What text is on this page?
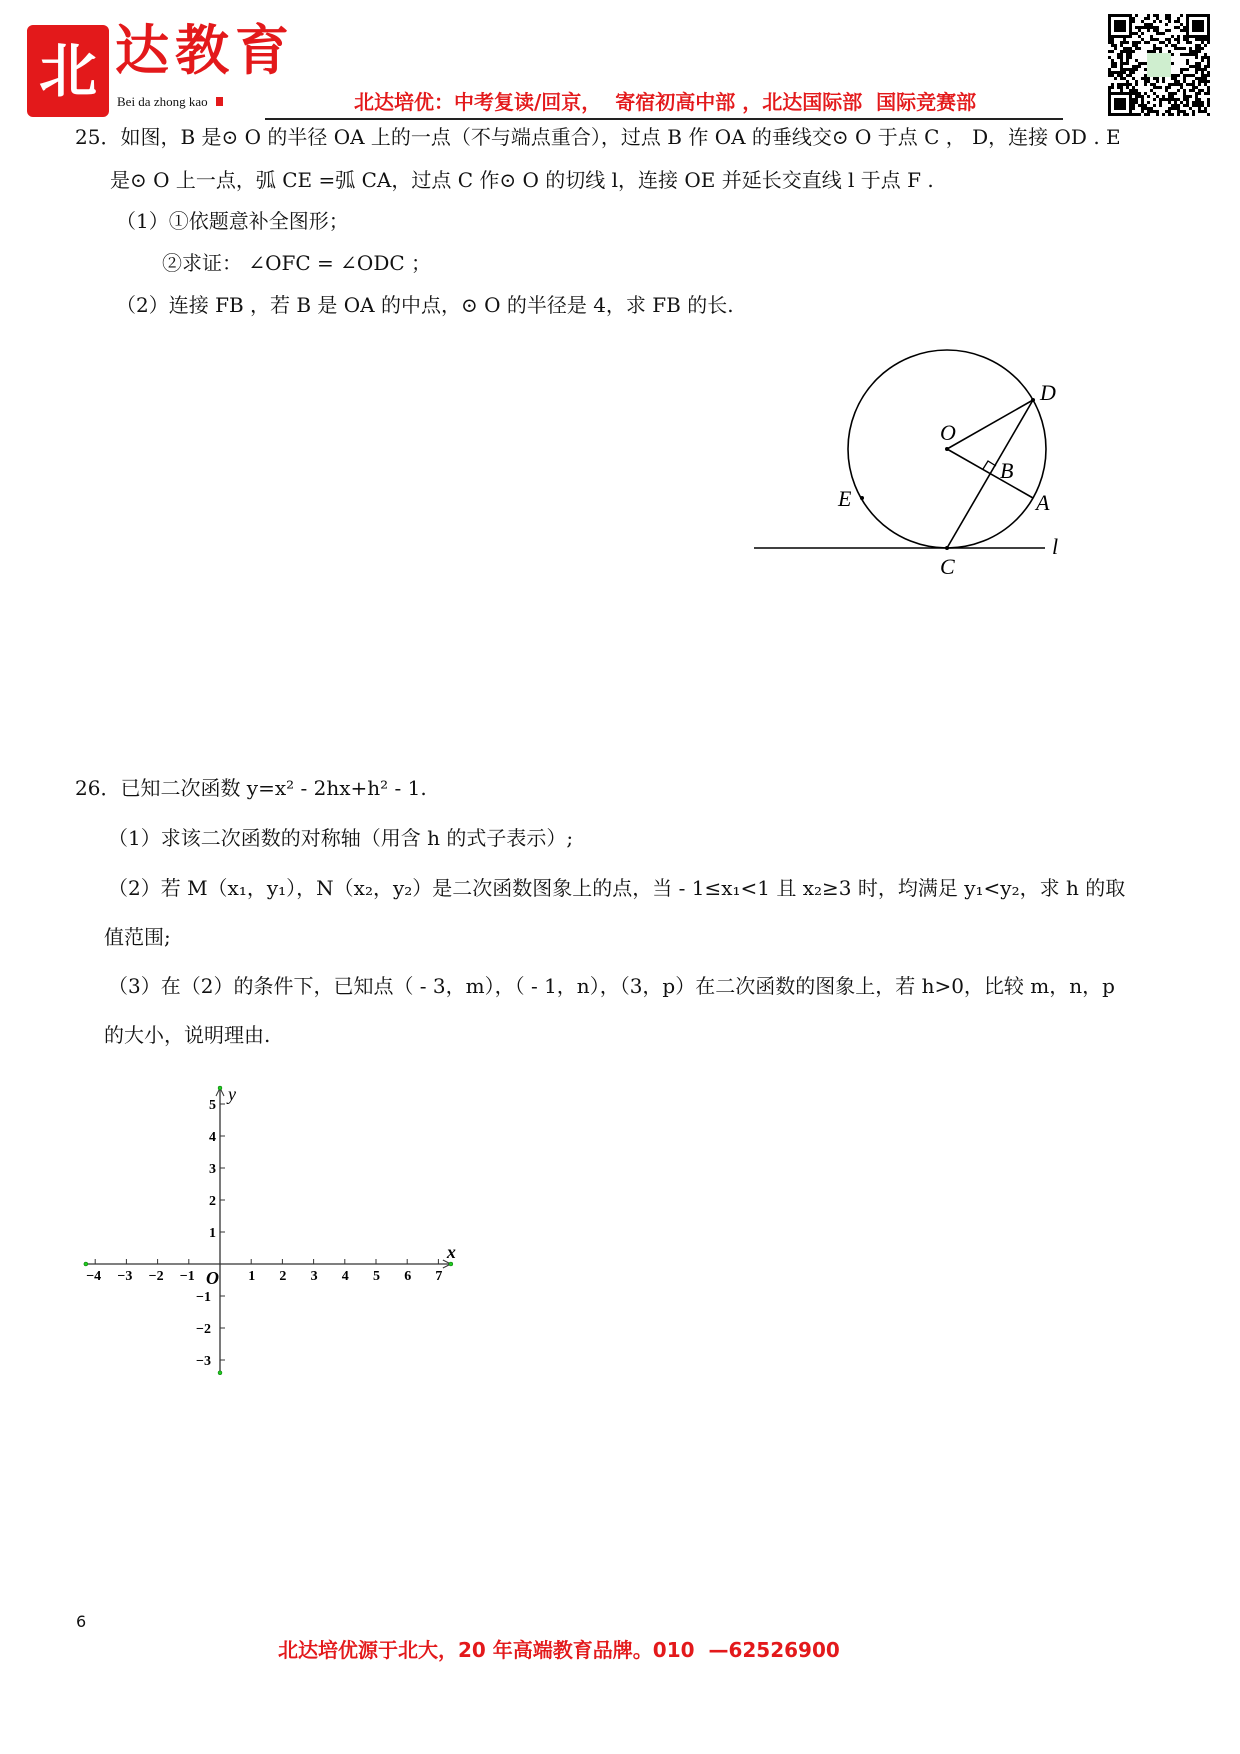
北 达教育
Bei da zhong kao	北达培优：中考复读/回京，  寄宿初高中部 ，北达国际部  国际竞赛部
25．如图，B 是⊙ O 的半径 OA 上的一点（不与端点重合），过点 B 作 OA 的垂线交⊙ O 于点 C ， D，连接 OD . E
是⊙ O 上一点，弧 CE =弧 CA，过点 C 作⊙ O 的切线 l，连接 OE 并延长交直线 l 于点 F .
（1）①依题意补全图形；
②求证： ∠OFC = ∠ODC ；
（2）连接 FB ，若 B 是 OA 的中点，⊙ O 的半径是 4，求 FB 的长.
O
D
B
A
E
C
l
26．已知二次函数 y=x² - 2hx+h² - 1.
（1）求该二次函数的对称轴（用含 h 的式子表示）;
（2）若 M（x₁，y₁），N（x₂，y₂）是二次函数图象上的点，当 - 1≤x₁<1 且 x₂≥3 时，均满足 y₁<y₂，求 h 的取
值范围;
（3）在（2）的条件下，已知点（ - 3，m），（ - 1，n），（3，p）在二次函数的图象上，若 h>0，比较 m，n，p
的大小，说明理由.
−4 −3 −2 −1	1 2 3 4 5 6 7
−3
−2
−1
1
2
3
4
5
O
x
y
6
北达培优源于北大，20 年高端教育品牌。010  —62526900
